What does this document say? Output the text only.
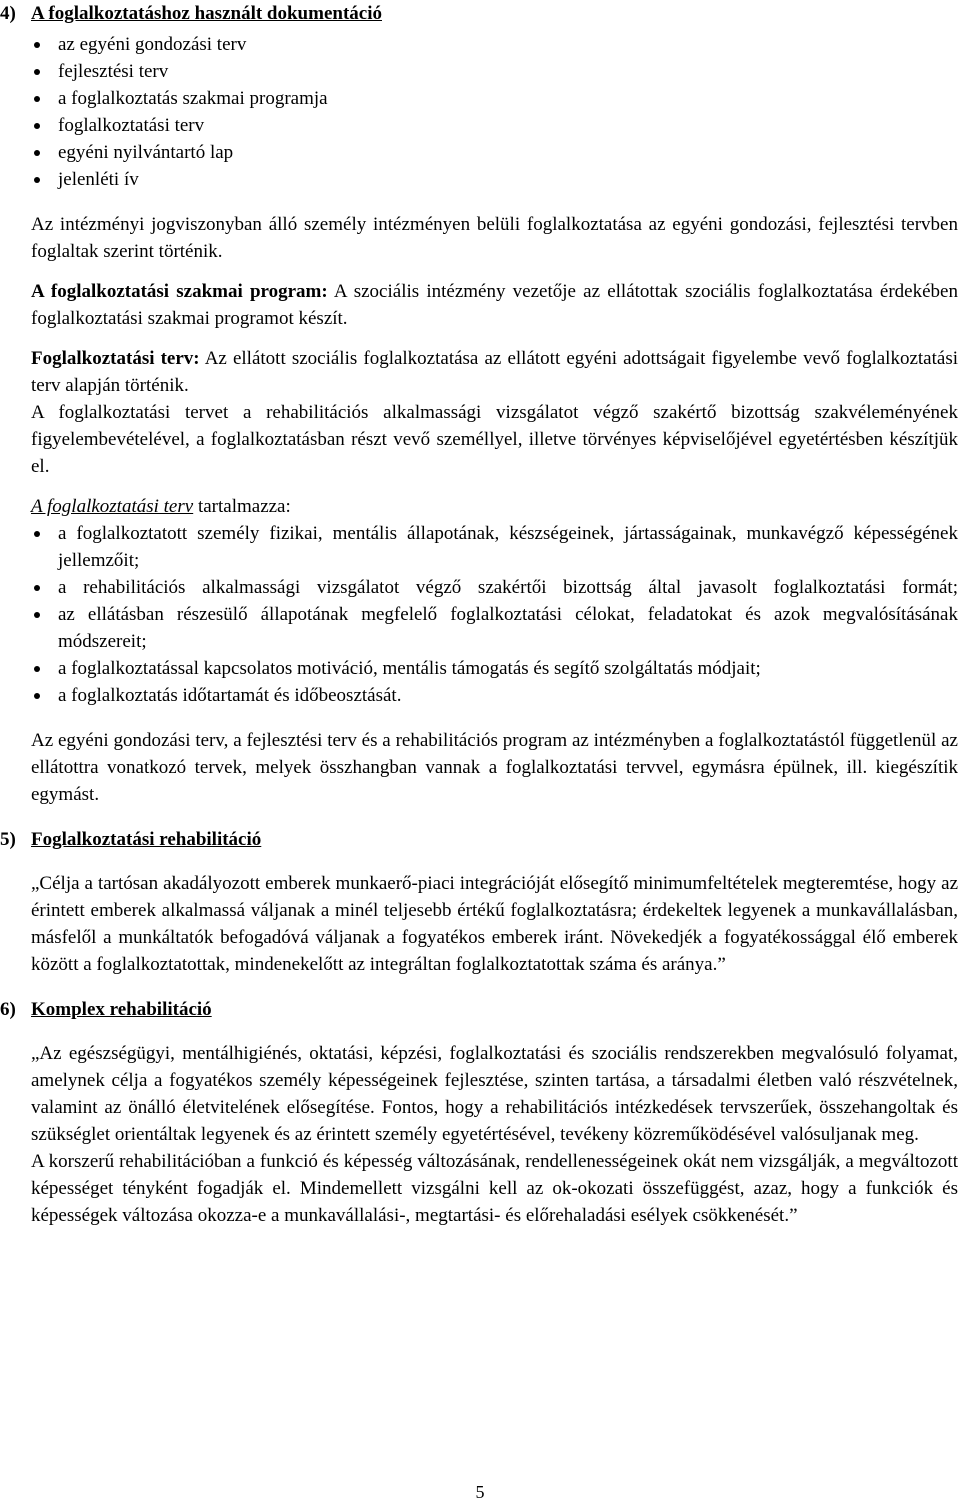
4) A foglalkoztatáshoz használt dokumentáció
az egyéni gondozási terv
fejlesztési terv
a foglalkoztatás szakmai programja
foglalkoztatási terv
egyéni nyilvántartó lap
jelenléti ív

Az intézményi jogviszonyban álló személy intézményen belüli foglalkoztatása az egyéni gondozási, fejlesztési tervben foglaltak szerint történik.

A foglalkoztatási szakmai program: A szociális intézmény vezetője az ellátottak szociális foglalkoztatása érdekében foglalkoztatási szakmai programot készít.

Foglalkoztatási terv: Az ellátott szociális foglalkoztatása az ellátott egyéni adottságait figyelembe vevő foglalkoztatási terv alapján történik.

A foglalkoztatási tervet a rehabilitációs alkalmassági vizsgálatot végző szakértő bizottság szakvéleményének figyelembevételével, a foglalkoztatásban részt vevő személlyel, illetve törvényes képviselőjével egyetértésben készítjük el.

A foglalkoztatási terv tartalmazza:

a foglalkoztatott személy fizikai, mentális állapotának, készségeinek, jártasságainak, munkavégző képességének jellemzőit;
a rehabilitációs alkalmassági vizsgálatot végző szakértői bizottság által javasolt foglalkoztatási formát;
az ellátásban részesülő állapotának megfelelő foglalkoztatási célokat, feladatokat és azok megvalósításának módszereit;
a foglalkoztatással kapcsolatos motiváció, mentális támogatás és segítő szolgáltatás módjait;
a foglalkoztatás időtartamát és időbeosztását.

Az egyéni gondozási terv, a fejlesztési terv és a rehabilitációs program az intézményben a foglalkoztatástól függetlenül az ellátottra vonatkozó tervek, melyek összhangban vannak a foglalkoztatási tervvel, egymásra épülnek, ill. kiegészítik egymást.

5) Foglalkoztatási rehabilitáció

„Célja a tartósan akadályozott emberek munkaerő-piaci integrációját elősegítő minimumfeltételek megteremtése, hogy az érintett emberek alkalmassá váljanak a minél teljesebb értékű foglalkoztatásra; érdekeltek legyenek a munkavállalásban, másfelől a munkáltatók befogadóvá váljanak a fogyatékos emberek iránt. Növekedjék a fogyatékossággal élő emberek között a foglalkoztatottak, mindenekelőtt az integráltan foglalkoztatottak száma és aránya.”

6) Komplex rehabilitáció

„Az egészségügyi, mentálhigiénés, oktatási, képzési, foglalkoztatási és szociális rendszerekben megvalósuló folyamat, amelynek célja a fogyatékos személy képességeinek fejlesztése, szinten tartása, a társadalmi életben való részvételnek, valamint az önálló életvitelének elősegítése. Fontos, hogy a rehabilitációs intézkedések tervszerűek, összehangoltak és szükséglet orientáltak legyenek és az érintett személy egyetértésével, tevékeny közreműködésével valósuljanak meg.

A korszerű rehabilitációban a funkció és képesség változásának, rendellenességeinek okát nem vizsgálják, a megváltozott képességet tényként fogadják el. Mindemellett vizsgálni kell az ok-okozati összefüggést, azaz, hogy a funkciók és képességek változása okozza-e a munkavállalási-, megtartási- és előrehaladási esélyek csökkenését.”

5
